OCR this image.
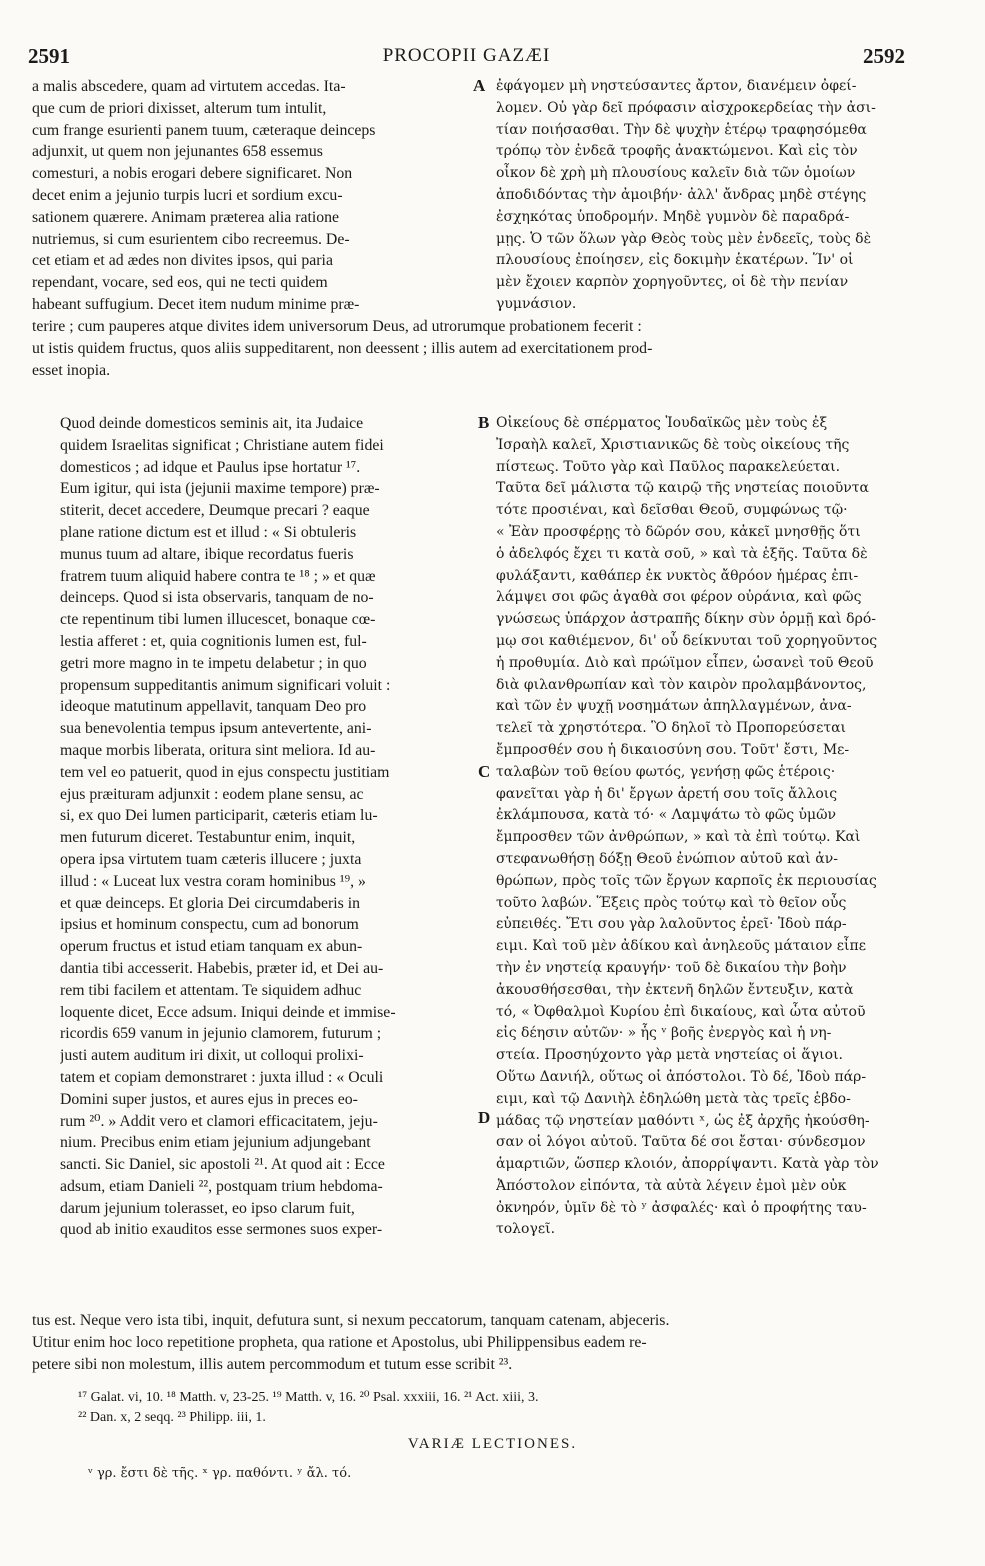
2591	PROCOPII GAZÆI	2592
a malis abscedere, quam ad virtutem accedas. Ita-
que cum de priori dixisset, alterum tum intulit,
cum frange esurienti panem tuum, cæteraque deinceps
adjunxit, ut quem non jejunantes 658 essemus
comesturi, a nobis erogari debere significaret. Non
decet enim a jejunio turpis lucri et sordium excu-
sationem quærere. Animam præterea alia ratione
nutriemus, si cum esurientem cibo recreemus. De-
cet etiam et ad ædes non divites ipsos, qui paria
rependant, vocare, sed eos, qui ne tecti quidem
habeant suffugium. Decet item nudum minime præ-
A ἐφάγομεν μὴ νηστεύσαντες ἄρτον, διανέμειν ὀφεί-
λομεν. Οὐ γὰρ δεῖ πρόφασιν αἰσχροκερδείας τὴν ἀσι-
τίαν ποιήσασθαι. Τὴν δὲ ψυχὴν ἑτέρῳ τραφησόμεθα
τρόπῳ τὸν ἐνδεᾶ τροφῆς ἀνακτώμενοι. Καὶ εἰς τὸν
οἶκον δὲ χρὴ μὴ πλουσίους καλεῖν διὰ τῶν ὁμοίων
ἀποδιδόντας τὴν ἀμοιβήν· ἀλλ' ἄνδρας μηδὲ στέγης
ἐσχηκότας ὑποδρομήν. Μηδὲ γυμνὸν δὲ παραδρά-
μῃς. Ὁ τῶν ὅλων γὰρ Θεὸς τοὺς μὲν ἐνδεεῖς, τοὺς δὲ
πλουσίους ἐποίησεν, εἰς δοκιμὴν ἑκατέρων. Ἵν' οἱ
μὲν ἔχοιεν καρπὸν χορηγοῦντες, οἱ δὲ τὴν πενίαν
γυμνάσιον.
terire ; cum pauperes atque divites idem universorum Deus, ad utrorumque probationem fecerit :
ut istis quidem fructus, quos aliis suppeditarent, non deessent ; illis autem ad exercitationem prod-
esset inopia.
Quod deinde domesticos seminis ait, ita Judaice
quidem Israelitas significat ; Christiane autem fidei
domesticos ; ad idque et Paulus ipse hortatur ¹⁷.
Eum igitur, qui ista (jejunii maxime tempore) præ-
stiterit, decet accedere, Deumque precari ? eaque
plane ratione dictum est et illud : « Si obtuleris
munus tuum ad altare, ibique recordatus fueris
fratrem tuum aliquid habere contra te ¹⁸ ; » et quæ
deinceps. Quod si ista observaris, tanquam de no-
cte repentinum tibi lumen illucescet, bonaque cœ-
lestia afferet : et, quia cognitionis lumen est, ful-
getri more magno in te impetu delabetur ; in quo
propensum suppeditantis animum significari voluit :
ideoque matutinum appellavit, tanquam Deo pro
sua benevolentia tempus ipsum antevertente, ani-
maque morbis liberata, oritura sint meliora. Id au-
tem vel eo patuerit, quod in ejus conspectu justitiam
ejus præituram adjunxit : eodem plane sensu, ac
si, ex quo Dei lumen participarit, cæteris etiam lu-
men futurum diceret. Testabuntur enim, inquit,
opera ipsa virtutem tuam cæteris illucere ; juxta
illud : « Luceat lux vestra coram hominibus ¹⁹, »
et quæ deinceps. Et gloria Dei circumdaberis in
ipsius et hominum conspectu, cum ad bonorum
operum fructus et istud etiam tanquam ex abun-
dantia tibi accesserit. Habebis, præter id, et Dei au-
rem tibi facilem et attentam. Te siquidem adhuc
loquente dicet, Ecce adsum. Iniqui deinde et immise-
ricordis 659 vanum in jejunio clamorem, futurum ;
justi autem auditum iri dixit, ut colloqui prolixi-
tatem et copiam demonstraret : juxta illud : « Oculi
Domini super justos, et aures ejus in preces eo-
rum ²⁰. » Addit vero et clamori efficacitatem, jeju-
nium. Precibus enim etiam jejunium adjungebant
sancti. Sic Daniel, sic apostoli ²¹. At quod ait : Ecce
adsum, etiam Danieli ²², postquam trium hebdoma-
darum jejunium tolerasset, eo ipso clarum fuit,
quod ab initio exauditos esse sermones suos exper-
B
C
D
Οἰκείους δὲ σπέρματος Ἰουδαϊκῶς μὲν τοὺς ἐξ
Ἰσραὴλ καλεῖ, Χριστιανικῶς δὲ τοὺς οἰκείους τῆς
πίστεως. Τοῦτο γὰρ καὶ Παῦλος παρακελεύεται.
Ταῦτα δεῖ μάλιστα τῷ καιρῷ τῆς νηστείας ποιοῦντα
τότε προσιέναι, καὶ δεῖσθαι Θεοῦ, συμφώνως τῷ·
« Ἐὰν προσφέρῃς τὸ δῶρόν σου, κἀκεῖ μνησθῇς ὅτι
ὁ ἀδελφός ἔχει τι κατὰ σοῦ, » καὶ τὰ ἑξῆς. Ταῦτα δὲ
φυλάξαντι, καθάπερ ἐκ νυκτὸς ἄθρόον ἡμέρας ἐπι-
λάμψει σοι φῶς ἀγαθὰ σοι φέρον οὐράνια, καὶ φῶς
γνώσεως ὑπάρχον ἀστραπῆς δίκην σὺν ὁρμῇ καὶ δρό-
μῳ σοι καθιέμενον, δι' οὗ δείκνυται τοῦ χορηγοῦντος
ἡ προθυμία. Διὸ καὶ πρώϊμον εἶπεν, ὡσανεὶ τοῦ Θεοῦ
διὰ φιλανθρωπίαν καὶ τὸν καιρὸν προλαμβάνοντος,
καὶ τῶν ἐν ψυχῇ νοσημάτων ἀπηλλαγμένων, ἀνα-
τελεῖ τὰ χρηστότερα. Ὃ δηλοῖ τὸ Προπορεύσεται
ἔμπροσθέν σου ἡ δικαιοσύνη σου. Τοῦτ' ἔστι, Με-
ταλαβὼν τοῦ θείου φωτός, γενήσῃ φῶς ἑτέροις·
φανεῖται γὰρ ἡ δι' ἔργων ἀρετή σου τοῖς ἄλλοις
ἐκλάμπουσα, κατὰ τό· « Λαμψάτω τὸ φῶς ὑμῶν
ἔμπροσθεν τῶν ἀνθρώπων, » καὶ τὰ ἐπὶ τούτῳ. Καὶ
στεφανωθήσῃ δόξῃ Θεοῦ ἐνώπιον αὐτοῦ καὶ ἀν-
θρώπων, πρὸς τοῖς τῶν ἔργων καρποῖς ἐκ περιουσίας
τοῦτο λαβών. Ἕξεις πρὸς τούτῳ καὶ τὸ θεῖον οὖς
εὐπειθές. Ἔτι σου γὰρ λαλοῦντος ἐρεῖ· Ἰδοὺ πάρ-
ειμι. Καὶ τοῦ μὲν ἀδίκου καὶ ἀνηλεοῦς μάταιον εἶπε
τὴν ἐν νηστείᾳ κραυγήν· τοῦ δὲ δικαίου τὴν βοὴν
ἀκουσθήσεσθαι, τὴν ἐκτενῆ δηλῶν ἔντευξιν, κατὰ
τό, « Ὀφθαλμοὶ Κυρίου ἐπὶ δικαίους, καὶ ὦτα αὐτοῦ
εἰς δέησιν αὐτῶν· » ἧς ᵛ βοῆς ἐνεργὸς καὶ ἡ νη-
στεία. Προσηύχοντο γὰρ μετὰ νηστείας οἱ ἅγιοι.
Οὕτω Δανιήλ, οὕτως οἱ ἀπόστολοι. Τὸ δέ, Ἰδοὺ πάρ-
ειμι, καὶ τῷ Δανιὴλ ἐδηλώθη μετὰ τὰς τρεῖς ἑβδο-
μάδας τῷ νηστείαν μαθόντι ˣ, ὡς ἐξ ἀρχῆς ἠκούσθη-
σαν οἱ λόγοι αὐτοῦ. Ταῦτα δέ σοι ἔσται· σύνδεσμον
ἁμαρτιῶν, ὥσπερ κλοιόν, ἀπορρίψαντι. Κατὰ γὰρ τὸν
Ἀπόστολον εἰπόντα, τὰ αὐτὰ λέγειν ἐμοὶ μὲν οὐκ
ὀκνηρόν, ὑμῖν δὲ τὸ ʸ ἀσφαλές· καὶ ὁ προφήτης ταυ-
τολογεῖ.
tus est. Neque vero ista tibi, inquit, defutura sunt, si nexum peccatorum, tanquam catenam, abjeceris.
Utitur enim hoc loco repetitione propheta, qua ratione et Apostolus, ubi Philippensibus eadem re-
petere sibi non molestum, illis autem percommodum et tutum esse scribit ²³.
¹⁷ Galat. vi, 10. ¹⁸ Matth. v, 23-25. ¹⁹ Matth. v, 16. ²⁰ Psal. xxxiii, 16. ²¹ Act. xiii, 3.
²² Dan. x, 2 seqq. ²³ Philipp. iii, 1.
VARIÆ LECTIONES.
ᵛ γρ. ἔστι δὲ τῆς. ˣ γρ. παθόντι. ʸ ἄλ. τό.
